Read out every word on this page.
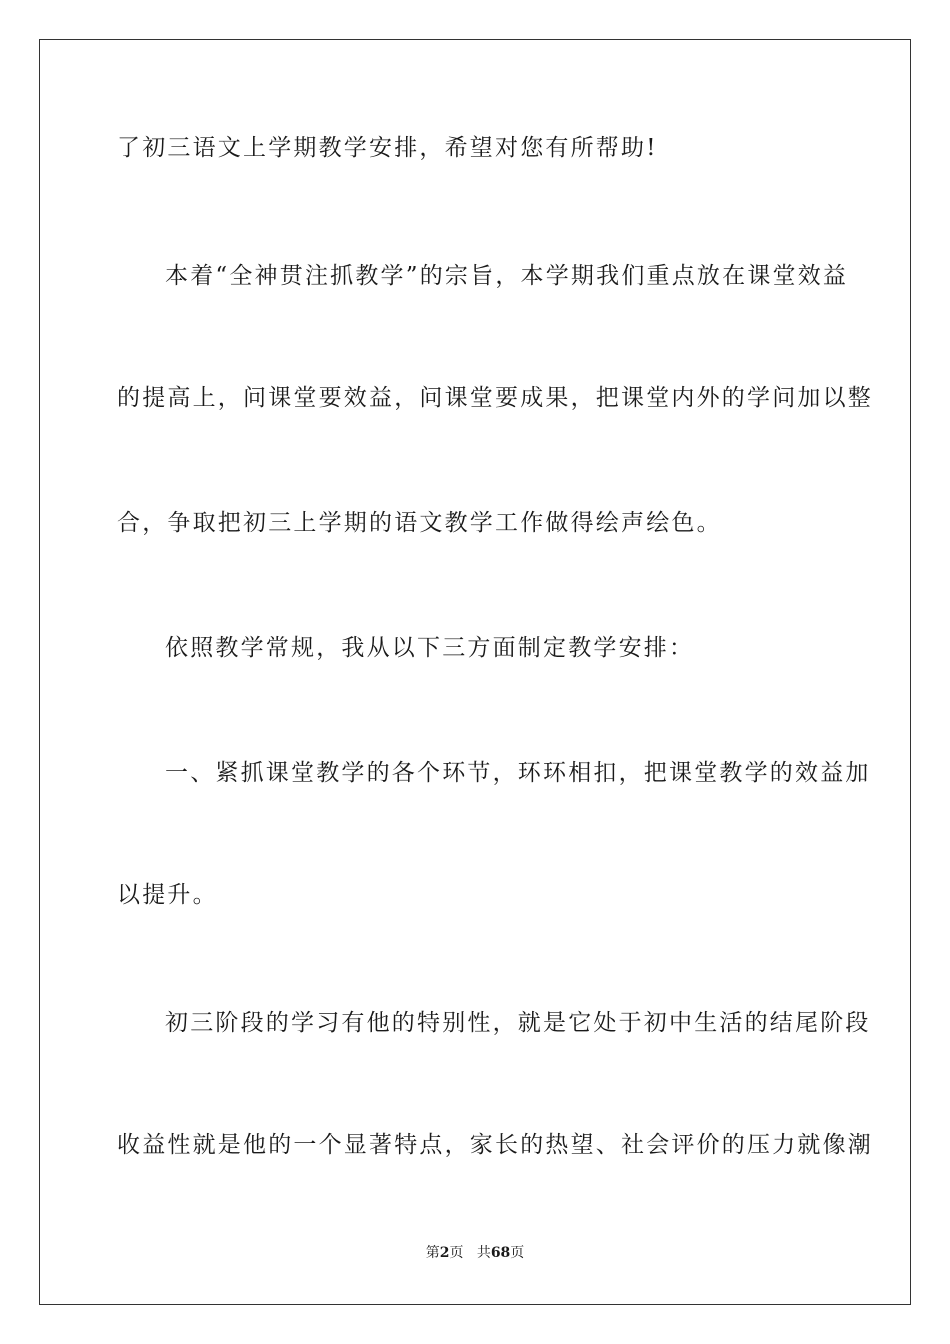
了初三语文上学期教学安排，希望对您有所帮助!
本着“全神贯注抓教学”的宗旨，本学期我们重点放在课堂效益
的提高上，问课堂要效益，问课堂要成果，把课堂内外的学问加以整
合，争取把初三上学期的语文教学工作做得绘声绘色。
依照教学常规，我从以下三方面制定教学安排：
一、紧抓课堂教学的各个环节，环环相扣，把课堂教学的效益加
以提升。
初三阶段的学习有他的特别性，就是它处于初中生活的结尾阶段
收益性就是他的一个显著特点，家长的热望、社会评价的压力就像潮
第2页 共68页
